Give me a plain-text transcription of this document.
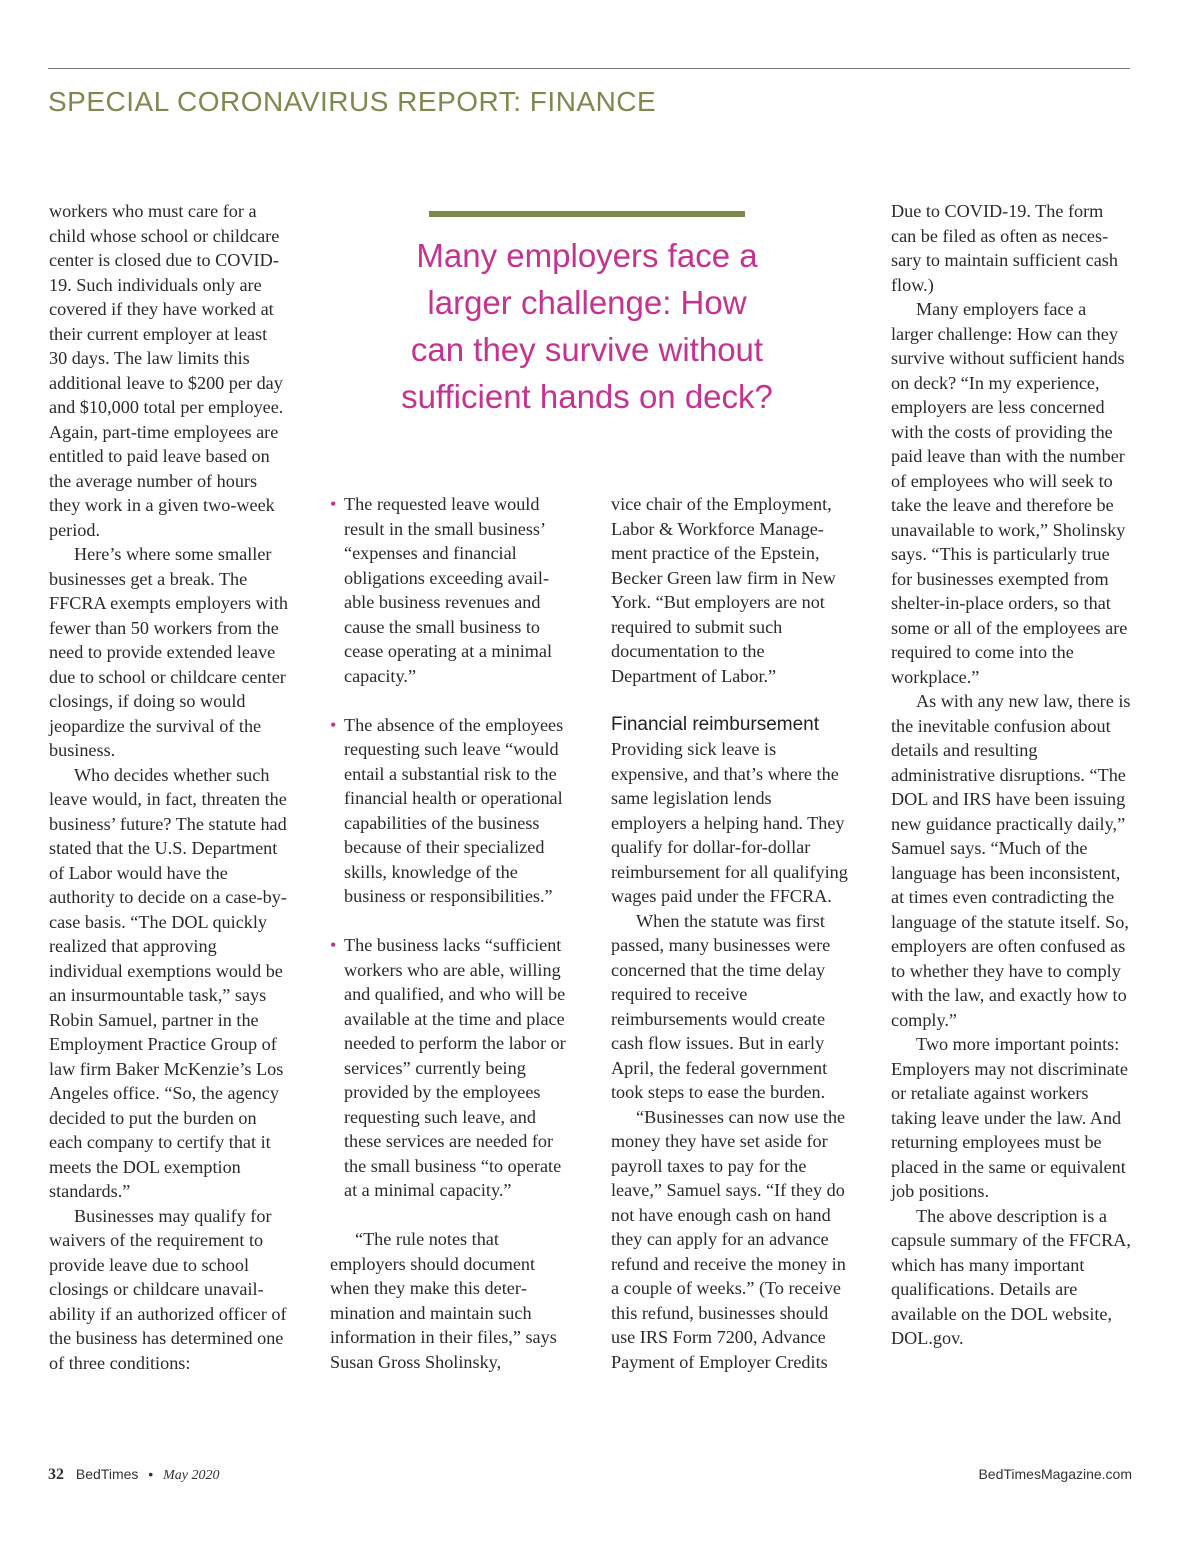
SPECIAL CORONAVIRUS REPORT: FINANCE

workers who must care for a child whose school or childcare center is closed due to COVID-19. Such individuals only are covered if they have worked at their current employer at least 30 days. The law limits this additional leave to $200 per day and $10,000 total per employee. Again, part-time employees are entitled to paid leave based on the average number of hours they work in a given two-week period.

Here’s where some smaller businesses get a break. The FFCRA exempts employers with fewer than 50 workers from the need to provide extended leave due to school or childcare center closings, if doing so would jeopardize the survival of the business.

Who decides whether such leave would, in fact, threaten the business’ future? The statute had stated that the U.S. Department of Labor would have the authority to decide on a case-by-case basis. “The DOL quickly realized that approving individual exemptions would be an insurmountable task,” says Robin Samuel, partner in the Employment Practice Group of law firm Baker McKenzie’s Los Angeles office. “So, the agency decided to put the burden on each company to certify that it meets the DOL exemption standards.”

Businesses may qualify for waivers of the requirement to provide leave due to school closings or childcare unavailability if an authorized officer of the business has determined one of three conditions:

Many employers face a larger challenge: How can they survive without sufficient hands on deck?

• The requested leave would result in the small business’ “expenses and financial obligations exceeding available business revenues and cause the small business to cease operating at a minimal capacity.”

• The absence of the employees requesting such leave “would entail a substantial risk to the financial health or operational capabilities of the business because of their specialized skills, knowledge of the business or responsibilities.”

• The business lacks “sufficient workers who are able, willing and qualified, and who will be available at the time and place needed to perform the labor or services” currently being provided by the employees requesting such leave, and these services are needed for the small business “to operate at a minimal capacity.”

“The rule notes that employers should document when they make this determination and maintain such information in their files,” says Susan Gross Sholinsky,

vice chair of the Employment, Labor & Workforce Management practice of the Epstein, Becker Green law firm in New York. “But employers are not required to submit such documentation to the Department of Labor.”

Financial reimbursement

Providing sick leave is expensive, and that’s where the same legislation lends employers a helping hand. They qualify for dollar-for-dollar reimbursement for all qualifying wages paid under the FFCRA.

When the statute was first passed, many businesses were concerned that the time delay required to receive reimbursements would create cash flow issues. But in early April, the federal government took steps to ease the burden.

“Businesses can now use the money they have set aside for payroll taxes to pay for the leave,” Samuel says. “If they do not have enough cash on hand they can apply for an advance refund and receive the money in a couple of weeks.” (To receive this refund, businesses should use IRS Form 7200, Advance Payment of Employer Credits

Due to COVID-19. The form can be filed as often as necessary to maintain sufficient cash flow.)

Many employers face a larger challenge: How can they survive without sufficient hands on deck? “In my experience, employers are less concerned with the costs of providing the paid leave than with the number of employees who will seek to take the leave and therefore be unavailable to work,” Sholinsky says. “This is particularly true for businesses exempted from shelter-in-place orders, so that some or all of the employees are required to come into the workplace.”

As with any new law, there is the inevitable confusion about details and resulting administrative disruptions. “The DOL and IRS have been issuing new guidance practically daily,” Samuel says. “Much of the language has been inconsistent, at times even contradicting the language of the statute itself. So, employers are often confused as to whether they have to comply with the law, and exactly how to comply.”

Two more important points: Employers may not discriminate or retaliate against workers taking leave under the law. And returning employees must be placed in the same or equivalent job positions.

The above description is a capsule summary of the FFCRA, which has many important qualifications. Details are available on the DOL website, DOL.gov.

32 BedTimes • May 2020	BedTimesMagazine.com
